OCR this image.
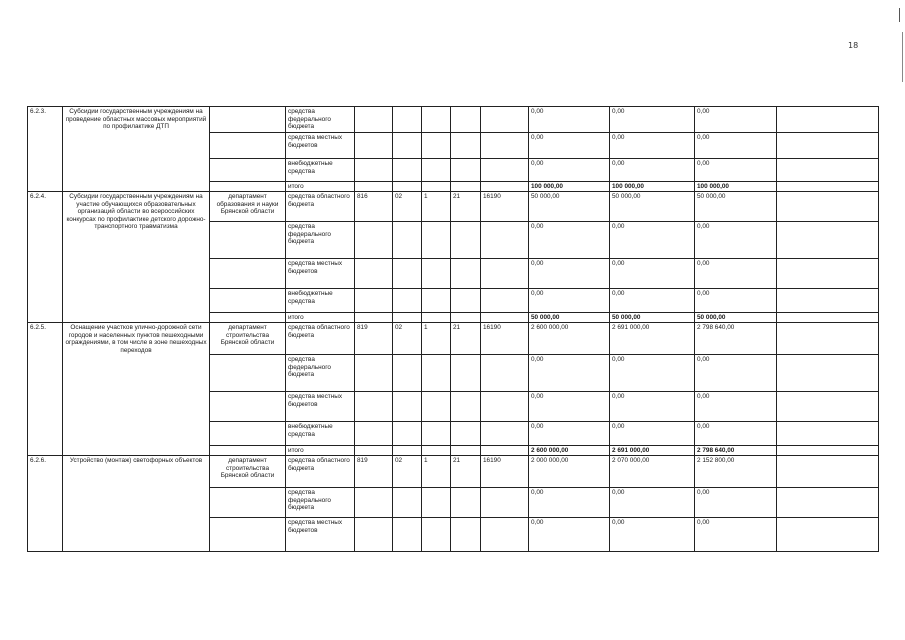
18
6.2.3.	Субсидии государственным учреждениям на проведение областных массовых мероприятий по профилактике ДТП		средства федерального бюджета						0,00	0,00	0,00	
			средства местных бюджетов						0,00	0,00	0,00	
			внебюджетные средства						0,00	0,00	0,00	
			итого						100 000,00	100 000,00	100 000,00	
6.2.4.	Субсидии государственным учреждениям на участие обучающихся образовательных организаций области во всероссийских конкурсах по профилактике детского дорожно-транспортного травматизма	департамент образования и науки Брянской области	средства областного бюджета	816	02	1	21	16190	50 000,00	50 000,00	50 000,00	
			средства федерального бюджета						0,00	0,00	0,00	
			средства местных бюджетов						0,00	0,00	0,00	
			внебюджетные средства						0,00	0,00	0,00	
			итого						50 000,00	50 000,00	50 000,00	
6.2.5.	Оснащение участков улично-дорожной сети городов и населенных пунктов пешеходными ограждениями, в том числе в зоне пешеходных переходов	департамент строительства Брянской области	средства областного бюджета	819	02	1	21	16190	2 600 000,00	2 691 000,00	2 798 640,00	
			средства федерального бюджета						0,00	0,00	0,00	
			средства местных бюджетов						0,00	0,00	0,00	
			внебюджетные средства						0,00	0,00	0,00	
			итого						2 600 000,00	2 691 000,00	2 798 640,00	
6.2.6.	Устройство (монтаж) светофорных объектов	департамент строительства Брянской области	средства областного бюджета	819	02	1	21	16190	2 000 000,00	2 070 000,00	2 152 800,00	
			средства федерального бюджета						0,00	0,00	0,00	
			средства местных бюджетов						0,00	0,00	0,00	
